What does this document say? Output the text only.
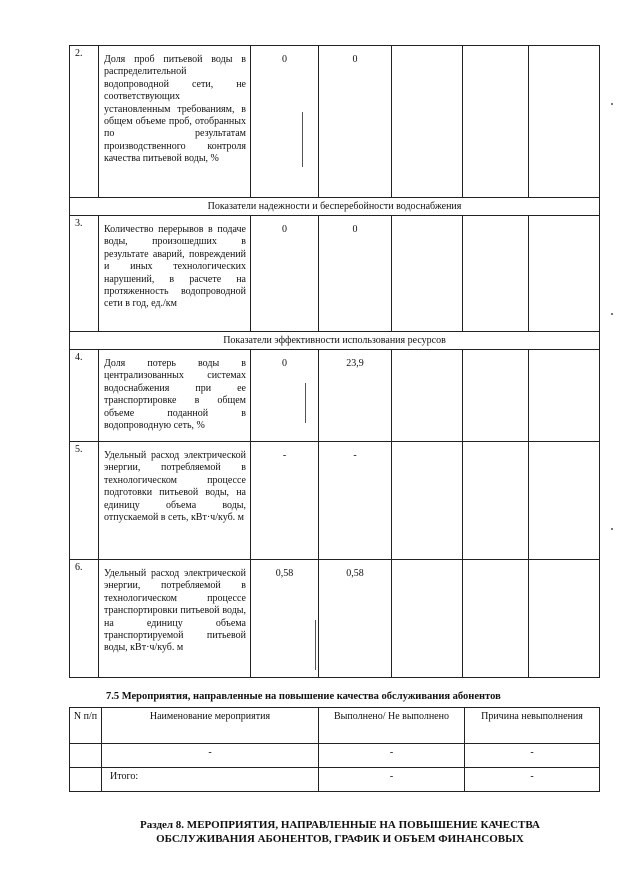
2.	Доля проб питьевой воды в распределительной водопроводной сети, не соответствующих установленным требованиям, в общем объеме проб, отобранных по результатам производственного контроля качества питьевой воды, %	0	0			
Показатели надежности и бесперебойности водоснабжения						
3.	Количество перерывов в подаче воды, произошедших в результате аварий, повреждений и иных технологических нарушений, в расчете на протяженность водопроводной сети в год, ед./км	0	0			
Показатели эффективности использования ресурсов						
4.	Доля потерь воды в централизованных системах водоснабжения при ее транспортировке в общем объеме поданной в водопроводную сеть, %	0	23,9			
5.	Удельный расход электрической энергии, потребляемой в технологическом процессе подготовки питьевой воды, на единицу объема воды, отпускаемой в сеть, кВт·ч/куб. м	-	-			
6.	Удельный расход электрической энергии, потребляемой в технологическом процессе транспортировки питьевой воды, на единицу объема транспортируемой питьевой воды, кВт·ч/куб. м	0,58	0,58			
7.5 Мероприятия, направленные на повышение качества обслуживания абонентов
N п/п	Наименование мероприятия	Выполнено/ Не выполнено	Причина невыполнения
	-	-	-
	Итого:	-	-
Раздел 8. МЕРОПРИЯТИЯ, НАПРАВЛЕННЫЕ НА ПОВЫШЕНИЕ КАЧЕСТВА
ОБСЛУЖИВАНИЯ АБОНЕНТОВ, ГРАФИК И ОБЪЕМ ФИНАНСОВЫХ
